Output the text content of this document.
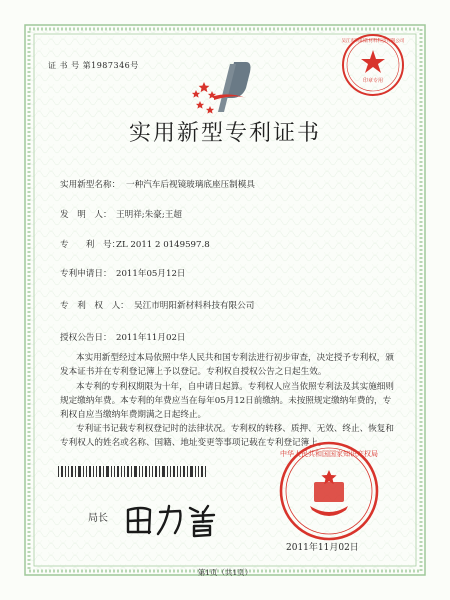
证 书 号 第1987346号
印章专用
吴江市明阳新材料科技有限公司
实用新型专利证书
实用新型名称： 一种汽车后视镜玻璃底座压制模具
发　明　人： 王明祥;朱豪;王超
专　　利　号：
ZL 2011 2 0149597.8
专利申请日： 2011年05月12日
专　利　权　人： 吴江市明阳新材料科技有限公司
授权公告日： 2011年11月02日
本实用新型经过本局依照中华人民共和国专利法进行初步审查，决定授予专利权，颁
发本证书并在专利登记簿上予以登记。专利权自授权公告之日起生效。
本专利的专利权期限为十年，自申请日起算。专利权人应当依照专利法及其实施细则
规定缴纳年费。本专利的年费应当在每年05月12日前缴纳。未按照规定缴纳年费的，专
利权自应当缴纳年费期满之日起终止。
专利证书记载专利权登记时的法律状况。专利权的转移、质押、无效、终止、恢复和
专利权人的姓名或名称、国籍、地址变更等事项记载在专利登记簿上。
局长
中华人民共和国国家知识产权局
2011年11月02日
第1页（共1页）
